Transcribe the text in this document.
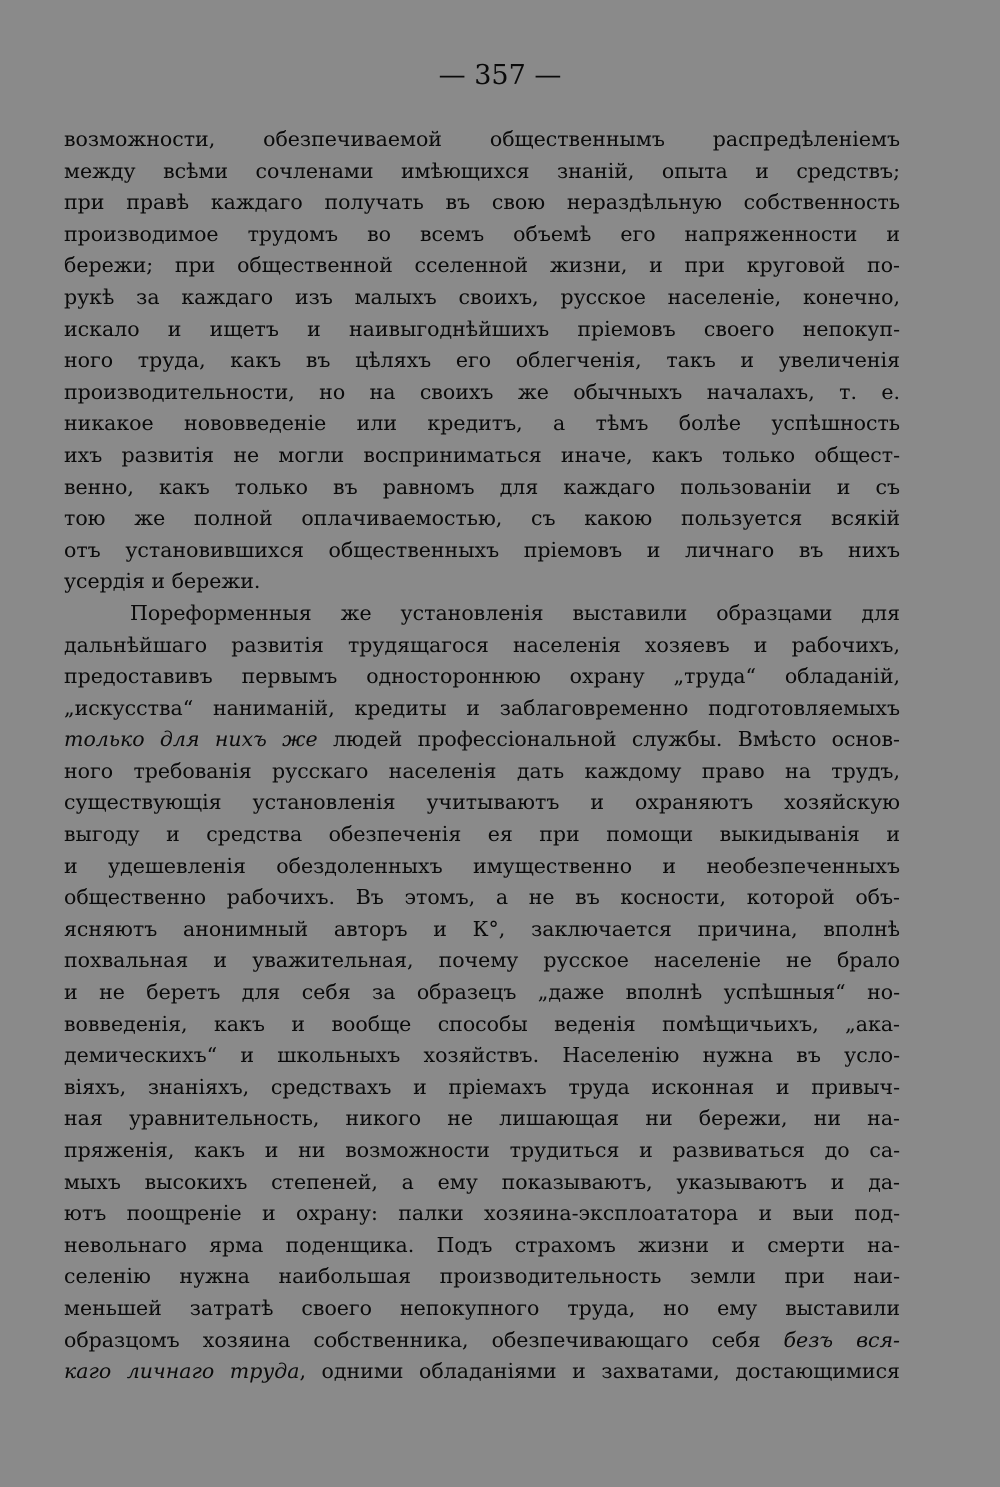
— 357 —
возможности, обезпечиваемой общественнымъ распредѣленіемъ
между всѣми сочленами имѣющихся знаній, опыта и средствъ;
при правѣ каждаго получать въ свою нераздѣльную собственность
производимое трудомъ во всемъ объемѣ его напряженности и
бережи; при общественной сселенной жизни, и при круговой по-
рукѣ за каждаго изъ малыхъ своихъ, русское населеніе, конечно,
искало и ищетъ и наивыгоднѣйшихъ пріемовъ своего непокуп-
ного труда, какъ въ цѣляхъ его облегченія, такъ и увеличенія
производительности, но на своихъ же обычныхъ началахъ, т. е.
никакое нововведеніе или кредитъ, а тѣмъ болѣе успѣшность
ихъ развитія не могли восприниматься иначе, какъ только общест-
венно, какъ только въ равномъ для каждаго пользованіи и съ
тою же полной оплачиваемостью, съ какою пользуется всякій
отъ установившихся общественныхъ пріемовъ и личнаго въ нихъ
усердія и бережи.
Пореформенныя же установленія выставили образцами для
дальнѣйшаго развитія трудящагося населенія хозяевъ и рабочихъ,
предоставивъ первымъ одностороннюю охрану „труда“ обладаній,
„искусства“ наниманій, кредиты и заблаговременно подготовляемыхъ
только для нихъ же людей профессіональной службы. Вмѣсто основ-
ного требованія русскаго населенія дать каждому право на трудъ,
существующія установленія учитываютъ и охраняютъ хозяйскую
выгоду и средства обезпеченія ея при помощи выкидыванія и
и удешевленія обездоленныхъ имущественно и необезпеченныхъ
общественно рабочихъ. Въ этомъ, а не въ косности, которой объ-
ясняютъ анонимный авторъ и К°, заключается причина, вполнѣ
похвальная и уважительная, почему русское населеніе не брало
и не беретъ для себя за образецъ „даже вполнѣ успѣшныя“ но-
вовведенія, какъ и вообще способы веденія помѣщичьихъ, „ака-
демическихъ“ и школьныхъ хозяйствъ. Населенію нужна въ усло-
віяхъ, знаніяхъ, средствахъ и пріемахъ труда исконная и привыч-
ная уравнительность, никого не лишающая ни бережи, ни на-
пряженія, какъ и ни возможности трудиться и развиваться до са-
мыхъ высокихъ степеней, а ему показываютъ, указываютъ и да-
ютъ поощреніе и охрану: палки хозяина-эксплоататора и выи под-
невольнаго ярма поденщика. Подъ страхомъ жизни и смерти на-
селенію нужна наибольшая производительность земли при наи-
меньшей затратѣ своего непокупного труда, но ему выставили
образцомъ хозяина собственника, обезпечивающаго себя безъ вся-
каго личнаго труда, одними обладаніями и захватами, достающимися
